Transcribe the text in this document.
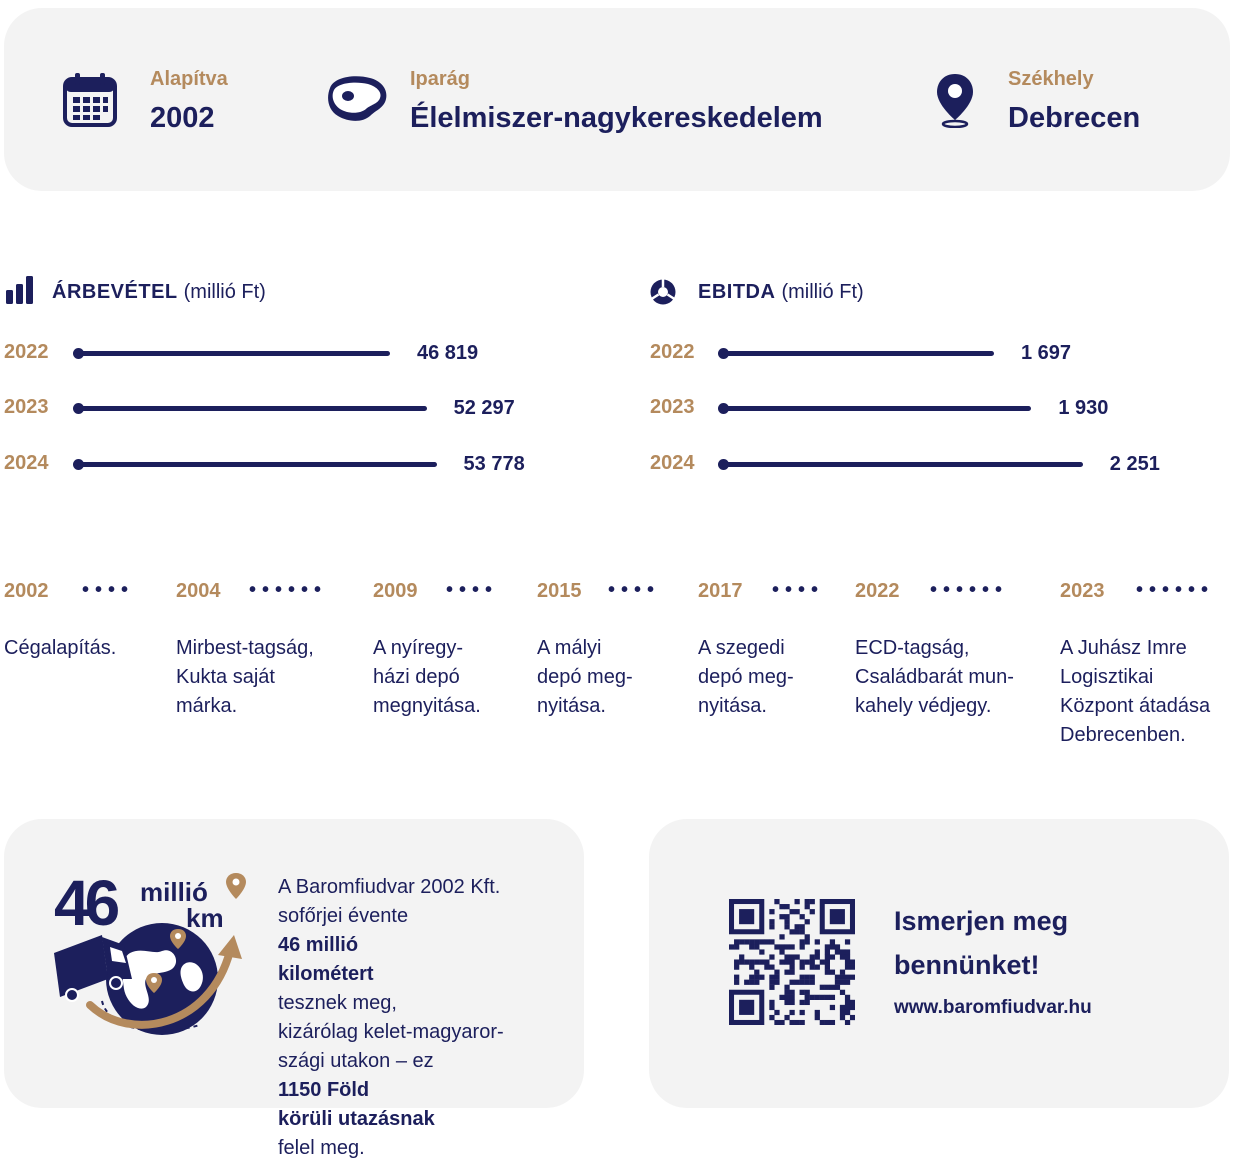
Alapítva
2002
Iparág
Élelmiszer-nagykereskedelem
Székhely
Debrecen
ÁRBEVÉTEL (millió Ft)
2022	46 819
2023	52 297
2024	53 778
EBITDA (millió Ft)
2022	1 697
2023	1 930
2024	2 251
2002 ••••
Cégalapítás.
2004 ••••••
Mirbest-tagság,
Kukta saját
márka.
2009 ••••
A nyíregy-
házi depó
megnyitása.
2015 ••••
A mályi
depó meg-
nyitása.
2017 ••••
A szegedi
depó meg-
nyitása.
2022 ••••••
ECD-tagság,
Családbarát mun-
kahely védjegy.
2023 ••••••
A Juhász Imre
Logisztikai
Központ átadása
Debrecenben.
46 millió
km
A Baromfiudvar 2002 Kft.
sofőrjei évente
46 millió
kilométert
tesznek meg,
kizárólag kelet-magyaror-
szági utakon – ez
1150 Föld
körüli utazásnak
felel meg.
Ismerjen meg
bennünket!
www.baromfiudvar.hu
